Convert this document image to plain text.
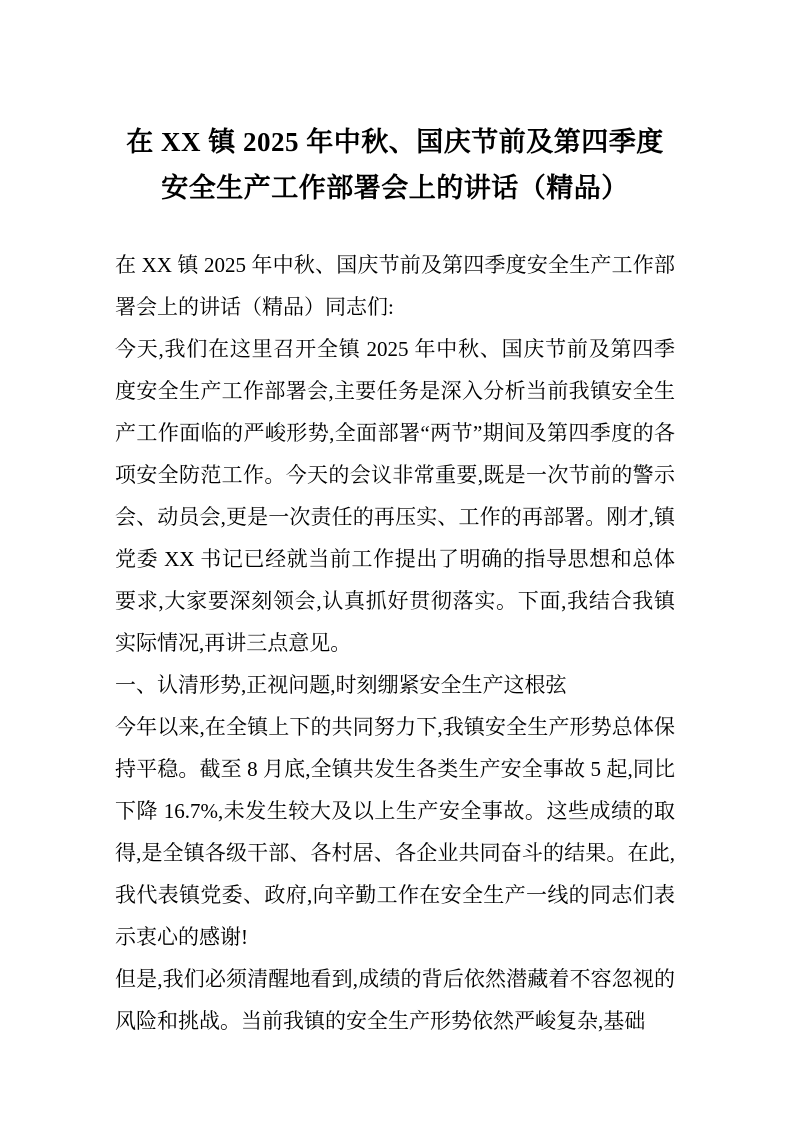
在 XX 镇 2025 年中秋、国庆节前及第四季度安全生产工作部署会上的讲话（精品）

在 XX 镇 2025 年中秋、国庆节前及第四季度安全生产工作部署会上的讲话（精品）同志们:

今天,我们在这里召开全镇 2025 年中秋、国庆节前及第四季度安全生产工作部署会,主要任务是深入分析当前我镇安全生产工作面临的严峻形势,全面部署“两节”期间及第四季度的各项安全防范工作。今天的会议非常重要,既是一次节前的警示会、动员会,更是一次责任的再压实、工作的再部署。刚才,镇党委 XX 书记已经就当前工作提出了明确的指导思想和总体要求,大家要深刻领会,认真抓好贯彻落实。下面,我结合我镇实际情况,再讲三点意见。

一、认清形势,正视问题,时刻绷紧安全生产这根弦

今年以来,在全镇上下的共同努力下,我镇安全生产形势总体保持平稳。截至 8 月底,全镇共发生各类生产安全事故 5 起,同比下降 16.7%,未发生较大及以上生产安全事故。这些成绩的取得,是全镇各级干部、各村居、各企业共同奋斗的结果。在此,我代表镇党委、政府,向辛勤工作在安全生产一线的同志们表示衷心的感谢!

但是,我们必须清醒地看到,成绩的背后依然潜藏着不容忽视的风险和挑战。当前我镇的安全生产形势依然严峻复杂,基础
